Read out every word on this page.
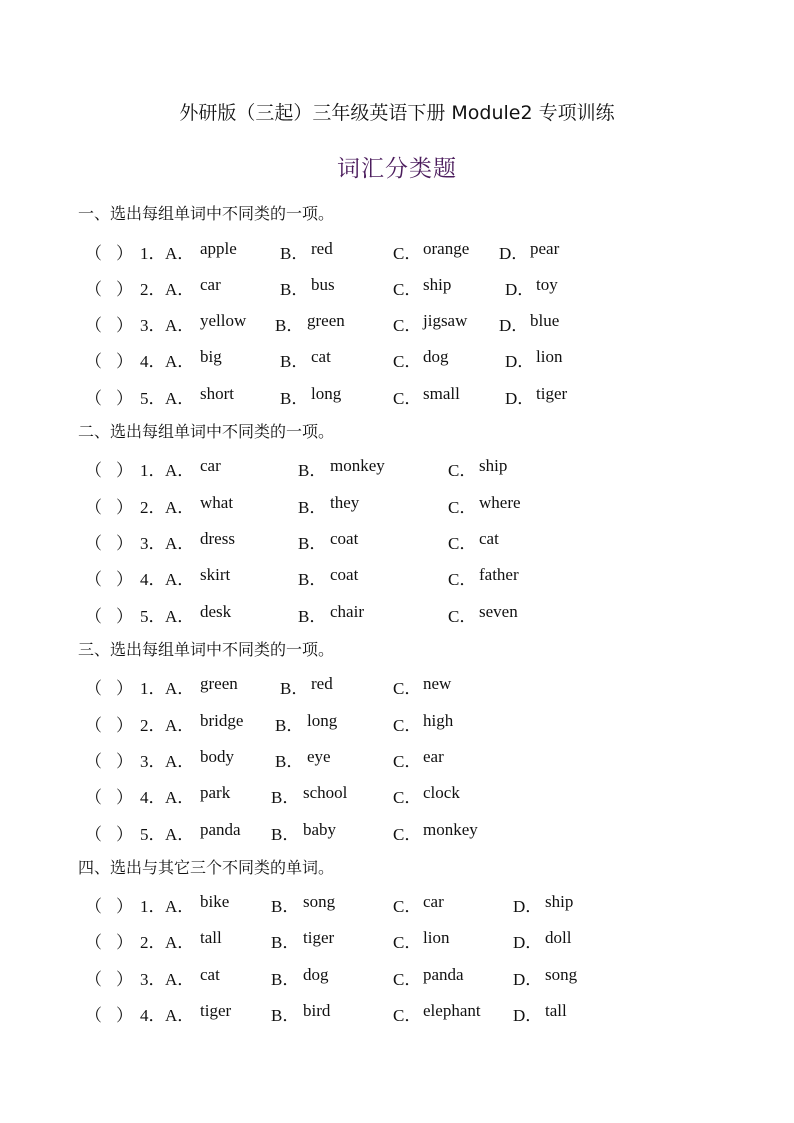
外研版（三起）三年级英语下册 Module2 专项训练
词汇分类题
一、选出每组单词中不同类的一项。
（ ） 1． A． apple	B． red	C． orange D． pear
（ ） 2． A． car	B． bus	C． ship	D． toy
（ ） 3． A． yellow B． green	C． jigsaw D． blue
（ ） 4． A． big	B． cat	C． dog	D． lion
（ ） 5． A． short	B． long	C． small	D． tiger
二、选出每组单词中不同类的一项。
（ ） 1． A． car	B． monkey	C． ship
（ ） 2． A． what	B． they	C． where
（ ） 3． A． dress	B． coat	C． cat
（ ） 4． A． skirt	B． coat	C． father
（ ） 5． A． desk	B． chair	C． seven
三、选出每组单词中不同类的一项。
（ ） 1． A． green B． red	C． new
（ ） 2． A． bridge B． long	C． high
（ ） 3． A． body B． eye	C． ear
（ ） 4． A． park B． school	C． clock
（ ） 5． A． panda B． baby	C． monkey
四、选出与其它三个不同类的单词。
（ ） 1． A． bike B． song	C． car	D． ship
（ ） 2． A． tall	B． tiger	C． lion	D． doll
（ ） 3． A． cat	B． dog	C． panda	D． song
（ ） 4． A． tiger B． bird	C． elephant D． tall
